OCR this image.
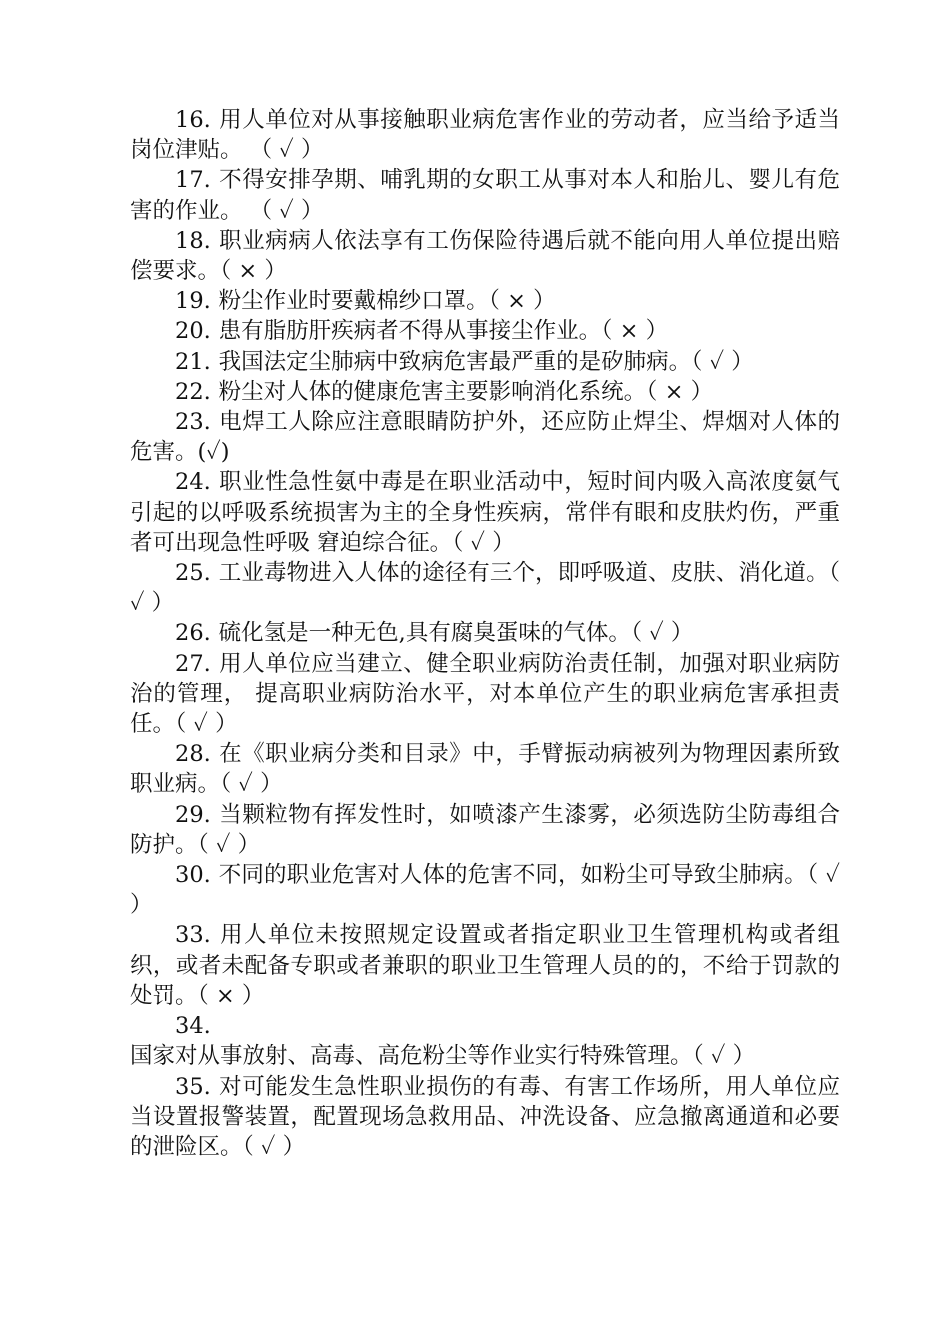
16. 用人单位对从事接触职业病危害作业的劳动者，应当给予适当岗位津贴。 （ ✓ ）

17. 不得安排孕期、哺乳期的女职工从事对本人和胎儿、婴儿有危害的作业。 （ ✓ ）

18. 职业病病人依法享有工伤保险待遇后就不能向用人单位提出赔偿要求。（ × ）

19. 粉尘作业时要戴棉纱口罩。（ × ）

20. 患有脂肪肝疾病者不得从事接尘作业。（ × ）

21. 我国法定尘肺病中致病危害最严重的是矽肺病。（ ✓ ）

22. 粉尘对人体的健康危害主要影响消化系统。（ × ）

23. 电焊工人除应注意眼睛防护外，还应防止焊尘、焊烟对人体的危害。(✓)

24. 职业性急性氨中毒是在职业活动中，短时间内吸入高浓度氨气引起的以呼吸系统损害为主的全身性疾病，常伴有眼和皮肤灼伤，严重者可出现急性呼吸 窘迫综合征。（ ✓ ）

25. 工业毒物进入人体的途径有三个，即呼吸道、皮肤、消化道。（ ✓ ）

26. 硫化氢是一种无色,具有腐臭蛋味的气体。（ ✓ ）

27. 用人单位应当建立、健全职业病防治责任制，加强对职业病防治的管理， 提高职业病防治水平，对本单位产生的职业病危害承担责任。（ ✓ ）

28. 在《职业病分类和目录》中，手臂振动病被列为物理因素所致职业病。（ ✓ ）

29. 当颗粒物有挥发性时，如喷漆产生漆雾，必须选防尘防毒组合防护。（ ✓ ）

30. 不同的职业危害对人体的危害不同，如粉尘可导致尘肺病。（ ✓ ）

33. 用人单位未按照规定设置或者指定职业卫生管理机构或者组织，或者未配备专职或者兼职的职业卫生管理人员的的，不给于罚款的处罚。（ × ）

34.国家对从事放射、高毒、高危粉尘等作业实行特殊管理。（ ✓ ）

35. 对可能发生急性职业损伤的有毒、有害工作场所，用人单位应当设置报警装置，配置现场急救用品、冲洗设备、应急撤离通道和必要的泄险区。（ ✓ ）
